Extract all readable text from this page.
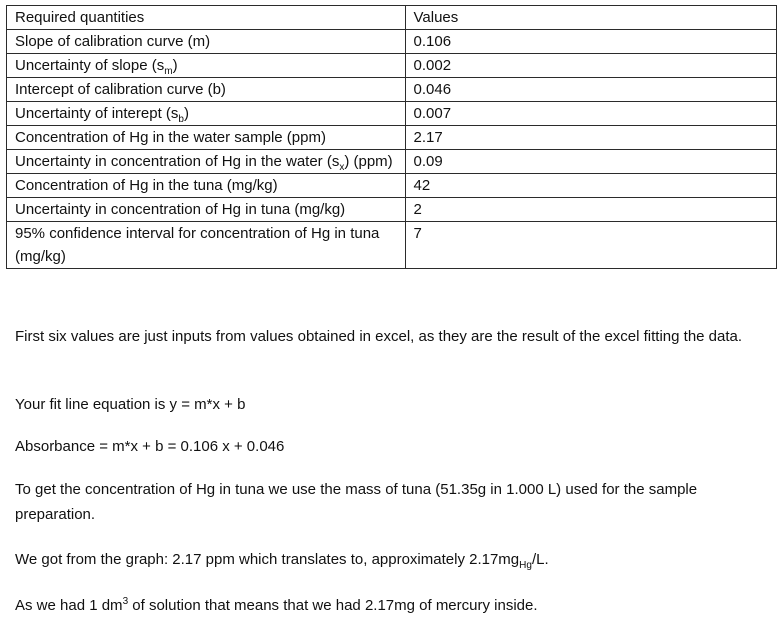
Required quantities	Values
Slope of calibration curve (m)	0.106
Uncertainty of slope $(s_m)$	0.002
Intercept of calibration curve (b)	0.046
Uncertainty of interept $(s_b)$	0.007
Concentration of Hg in the water sample (ppm)	2.17
Uncertainty in concentration of Hg in the water $(s_x)$ (ppm)	0.09
Concentration of Hg in the tuna (mg/kg)	42
Uncertainty in concentration of Hg in tuna (mg/kg)	2
95% confidence interval for concentration of Hg in tuna (mg/kg)	7

First six values are just inputs from values obtained in excel, as they are the result of the excel fitting the data.

Your fit line equation is y = m*x + b

Absorbance = m*x + b = 0.106 x + 0.046

To get the concentration of Hg in tuna we use the mass of tuna (51.35g in 1.000 L) used for the sample preparation.

We got from the graph: 2.17 ppm which translates to, approximately $2.17mg_{Hg}/L$.

As we had 1 $dm^3$ of solution that means that we had 2.17mg of mercury inside.
